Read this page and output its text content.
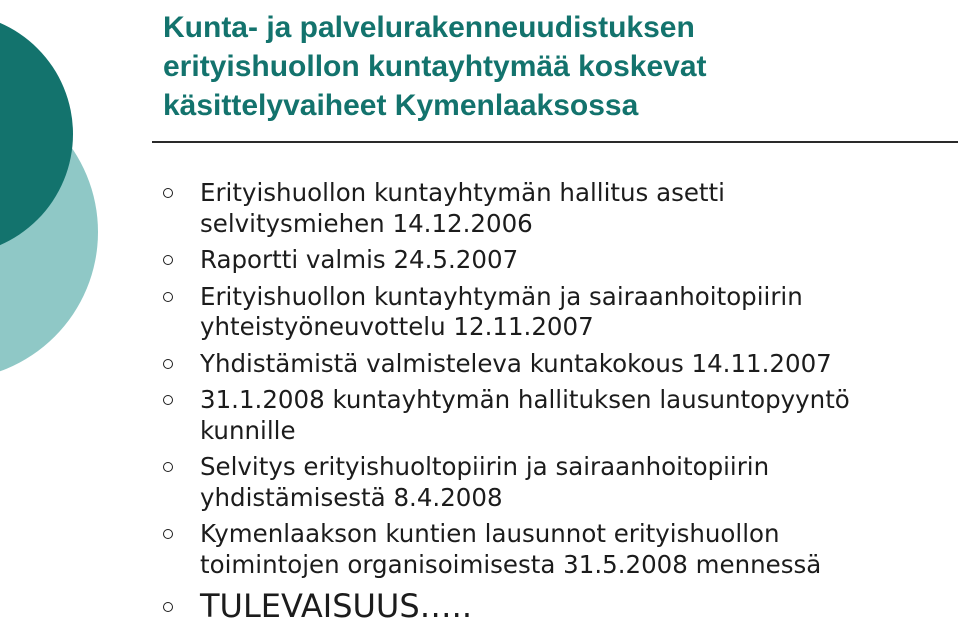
Kunta- ja palvelurakenneuudistuksen
erityishuollon kuntayhtymää koskevat
käsittelyvaiheet Kymenlaaksossa
Erityishuollon kuntayhtymän hallitus asetti
selvitysmiehen 14.12.2006
Raportti valmis 24.5.2007
Erityishuollon kuntayhtymän ja sairaanhoitopiirin
yhteistyöneuvottelu 12.11.2007
Yhdistämistä valmisteleva kuntakokous 14.11.2007
31.1.2008 kuntayhtymän hallituksen lausuntopyyntö
kunnille
Selvitys erityishuoltopiirin ja sairaanhoitopiirin
yhdistämisestä 8.4.2008
Kymenlaakson kuntien lausunnot erityishuollon
toimintojen organisoimisesta 31.5.2008 mennessä
TULEVAISUUS…..
